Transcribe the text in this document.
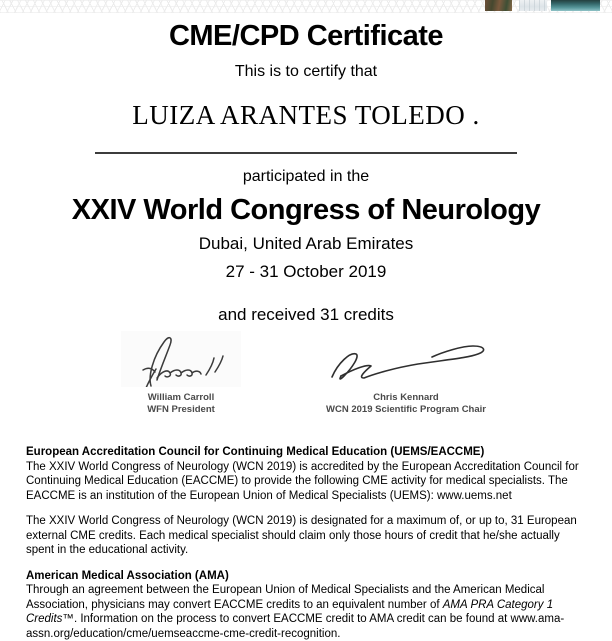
CME/CPD Certificate
This is to certify that
LUIZA ARANTES TOLEDO .
participated in the
XXIV World Congress of Neurology
Dubai, United Arab Emirates
27 - 31 October 2019
and received 31 credits
William Carroll
WFN President
Chris Kennard
WCN 2019 Scientific Program Chair
European Accreditation Council for Continuing Medical Education (UEMS/EACCME)

The XXIV World Congress of Neurology (WCN 2019) is accredited by the European Accreditation Council for Continuing Medical Education (EACCME) to provide the following CME activity for medical specialists. The EACCME is an institution of the European Union of Medical Specialists (UEMS): www.uems.net

The XXIV World Congress of Neurology (WCN 2019) is designated for a maximum of, or up to, 31 European external CME credits. Each medical specialist should claim only those hours of credit that he/she actually spent in the educational activity.

American Medical Association (AMA)

Through an agreement between the European Union of Medical Specialists and the American Medical Association, physicians may convert EACCME credits to an equivalent number of AMA PRA Category 1 Credits™. Information on the process to convert EACCME credit to AMA credit can be found at www.ama-assn.org/education/cme/uemseaccme-cme-credit-recognition.
